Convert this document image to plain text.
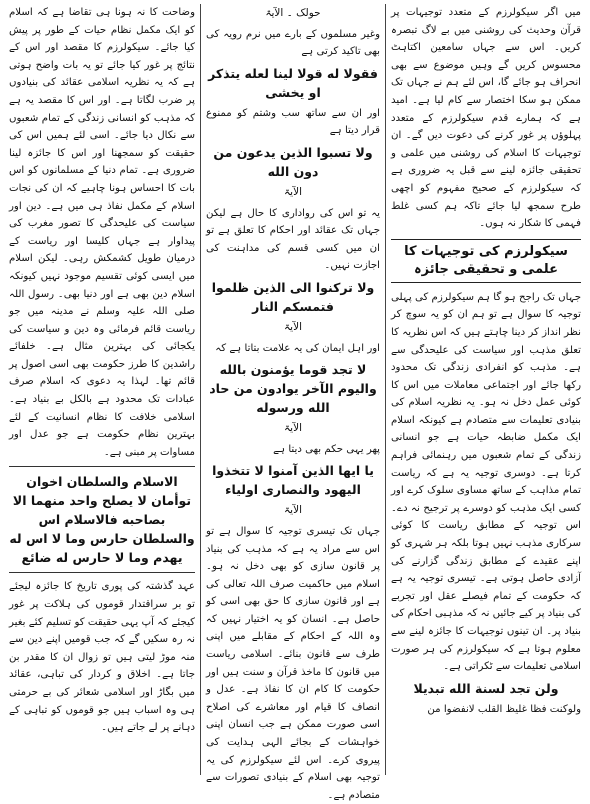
میں اگر سیکولرزم کے متعدد توجیہات پر قرآن وحدیث کی روشنی میں بے لاگ تبصرہ کریں۔ اس سے جہاں سامعین اکتاہٹ محسوس کریں گے وہیں موضوع سے بھی انحراف ہو جائے گا، اس لئے ہم نے جہاں تک ممکن ہو سکا اختصار سے کام لیا ہے۔ امید ہے کہ ہمارے قدم سیکولرزم کے متعدد پہلوؤں پر غور کرنے کی دعوت دیں گے۔ ان توجیہات کا اسلام کی روشنی میں علمی و تحقیقی جائزہ لینے سے قبل یہ ضروری ہے کہ سیکولرزم کے صحیح مفہوم کو اچھی طرح سمجھ لیا جائے تاکہ ہم کسی غلط فہمی کا شکار نہ ہوں۔

سیکولرزم کی توجیہات کا علمی و تحقیقی جائزہ

جہاں تک راجح ہو گا ہم سیکولرزم کی پہلی توجیہ کا سوال ہے تو ہم ان کو یہ سوچ کر نظر انداز کر دینا چاہتے ہیں کہ اس نظریہ کا تعلق مذہب اور سیاست کی علیحدگی سے ہے۔ مذہب کو انفرادی زندگی تک محدود رکھا جائے اور اجتماعی معاملات میں اس کا کوئی عمل دخل نہ ہو۔ یہ نظریہ اسلام کی بنیادی تعلیمات سے متصادم ہے کیونکہ اسلام ایک مکمل ضابطہ حیات ہے جو انسانی زندگی کے تمام شعبوں میں رہنمائی فراہم کرتا ہے۔ دوسری توجیہ یہ ہے کہ ریاست تمام مذاہب کے ساتھ مساوی سلوک کرے اور کسی ایک مذہب کو دوسرے پر ترجیح نہ دے۔ اس توجیہ کے مطابق ریاست کا کوئی سرکاری مذہب نہیں ہوتا بلکہ ہر شہری کو اپنے عقیدے کے مطابق زندگی گزارنے کی آزادی حاصل ہوتی ہے۔ تیسری توجیہ یہ ہے کہ حکومت کے تمام فیصلے عقل اور تجربے کی بنیاد پر کیے جائیں نہ کہ مذہبی احکام کی بنیاد پر۔ ان تینوں توجیہات کا جائزہ لینے سے معلوم ہوتا ہے کہ سیکولرزم کی ہر صورت اسلامی تعلیمات سے ٹکراتی ہے۔

ولن تجد لسنة الله تبديلا

ولوکنت فظا غلیظ القلب لانفضوا من

حولک ۔ الآیۃ

وغیر مسلموں کے بارے میں نرم رویہ کی بھی تاکید کرتی ہے

فقولا له قولا لینا لعله یتذکر او یخشی

اور ان سے ساتھ سب وشتم کو ممنوع قرار دیتا ہے

ولا تسبوا الذین یدعون من دون الله
الآیۃ

یہ تو اس کی رواداری کا حال ہے لیکن جہاں تک عقائد اور احکام کا تعلق ہے تو ان میں کسی قسم کی مداہنت کی اجازت نہیں۔

ولا ترکنوا الی الذین ظلموا فتمسکم النار
الآیۃ

اور اہل ایمان کی یہ علامت بتاتا ہے کہ

لا تجد قوما یؤمنون بالله والیوم الآخر یوادون من حاد الله ورسوله
الآیۃ

پھر یہی حکم بھی دیتا ہے

یا ایها الذین آمنوا لا تتخذوا الیهود والنصاری اولیاء
الآیۃ

جہاں تک تیسری توجیہ کا سوال ہے تو اس سے مراد یہ ہے کہ مذہب کی بنیاد پر قانون سازی کو بھی دخل نہ ہو۔ اسلام میں حاکمیت صرف اللہ تعالی کی ہے اور قانون سازی کا حق بھی اسی کو حاصل ہے۔ انسان کو یہ اختیار نہیں کہ وہ اللہ کے احکام کے مقابلے میں اپنی طرف سے قانون بنائے۔ اسلامی ریاست میں قانون کا ماخذ قرآن و سنت ہیں اور حکومت کا کام ان کا نفاذ ہے۔ عدل و انصاف کا قیام اور معاشرے کی اصلاح اسی صورت ممکن ہے جب انسان اپنی خواہشات کے بجائے الہی ہدایت کی پیروی کرے۔ اس لئے سیکولرزم کی یہ توجیہ بھی اسلام کے بنیادی تصورات سے متصادم ہے۔

وضاحت کا نہ ہونا ہی تقاضا ہے کہ اسلام کو ایک مکمل نظام حیات کے طور پر پیش کیا جائے۔ سیکولرزم کا مقصد اور اس کے نتائج پر غور کیا جائے تو یہ بات واضح ہوتی ہے کہ یہ نظریہ اسلامی عقائد کی بنیادوں پر ضرب لگاتا ہے۔ اور اس کا مقصد یہ ہے کہ مذہب کو انسانی زندگی کے تمام شعبوں سے نکال دیا جائے۔ اسی لئے ہمیں اس کی حقیقت کو سمجھنا اور اس کا جائزہ لینا ضروری ہے۔ تمام دنیا کے مسلمانوں کو اس بات کا احساس ہونا چاہیے کہ ان کی نجات اسلام کے مکمل نفاذ ہی میں ہے۔ دین اور سیاست کی علیحدگی کا تصور مغرب کی پیداوار ہے جہاں کلیسا اور ریاست کے درمیان طویل کشمکش رہی۔ لیکن اسلام میں ایسی کوئی تقسیم موجود نہیں کیونکہ اسلام دین بھی ہے اور دنیا بھی۔ رسول اللہ صلی اللہ علیہ وسلم نے مدینہ میں جو ریاست قائم فرمائی وہ دین و سیاست کی یکجائی کی بہترین مثال ہے۔ خلفائے راشدین کا طرز حکومت بھی اسی اصول پر قائم تھا۔ لہذا یہ دعوی کہ اسلام صرف عبادات تک محدود ہے بالکل بے بنیاد ہے۔ اسلامی خلافت کا نظام انسانیت کے لئے بہترین نظام حکومت ہے جو عدل اور مساوات پر مبنی ہے۔

الاسلام والسلطان اخوان توأمان لا یصلح واحد منهما الا بصاحبه فالاسلام اس والسلطان حارس وما لا اس له یهدم وما لا حارس له ضائع

عہد گذشتہ کی پوری تاریخ کا جائزہ لیجئے تو بر سراقتدار قوموں کی ہلاکت پر غور کیجئے کہ آپ یہی حقیقت کو تسلیم کئے بغیر نہ رہ سکیں گے کہ جب قومیں اپنے دین سے منہ موڑ لیتی ہیں تو زوال ان کا مقدر بن جاتا ہے۔ اخلاق و کردار کی تباہی، عقائد میں بگاڑ اور اسلامی شعائر کی بے حرمتی ہی وہ اسباب ہیں جو قوموں کو تباہی کے دہانے پر لے جاتے ہیں۔
